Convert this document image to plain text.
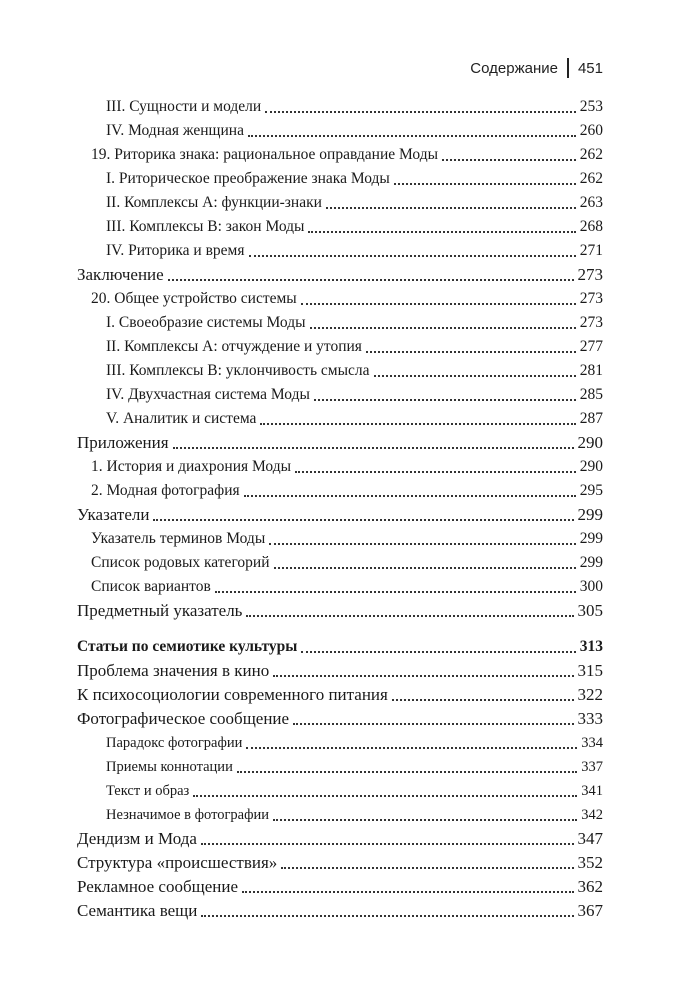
Содержание 451
III. Сущности и модели	253
IV. Модная женщина	260
19. Риторика знака: рациональное оправдание Моды	262
I. Риторическое преображение знака Моды	262
II. Комплексы A: функции-знаки	263
III. Комплексы B: закон Моды	268
IV. Риторика и время	271
Заключение	273
20. Общее устройство системы	273
I. Своеобразие системы Моды	273
II. Комплексы A: отчуждение и утопия	277
III. Комплексы B: уклончивость смысла	281
IV. Двухчастная система Моды	285
V. Аналитик и система	287
Приложения	290
1. История и диахрония Моды	290
2. Модная фотография	295
Указатели	299
Указатель терминов Моды	299
Список родовых категорий	299
Список вариантов	300
Предметный указатель	305
Статьи по семиотике культуры	313
Проблема значения в кино	315
К психосоциологии современного питания	322
Фотографическое сообщение	333
Парадокс фотографии	334
Приемы коннотации	337
Текст и образ	341
Незначимое в фотографии	342
Дендизм и Мода	347
Структура «происшествия»	352
Рекламное сообщение	362
Семантика вещи	367
